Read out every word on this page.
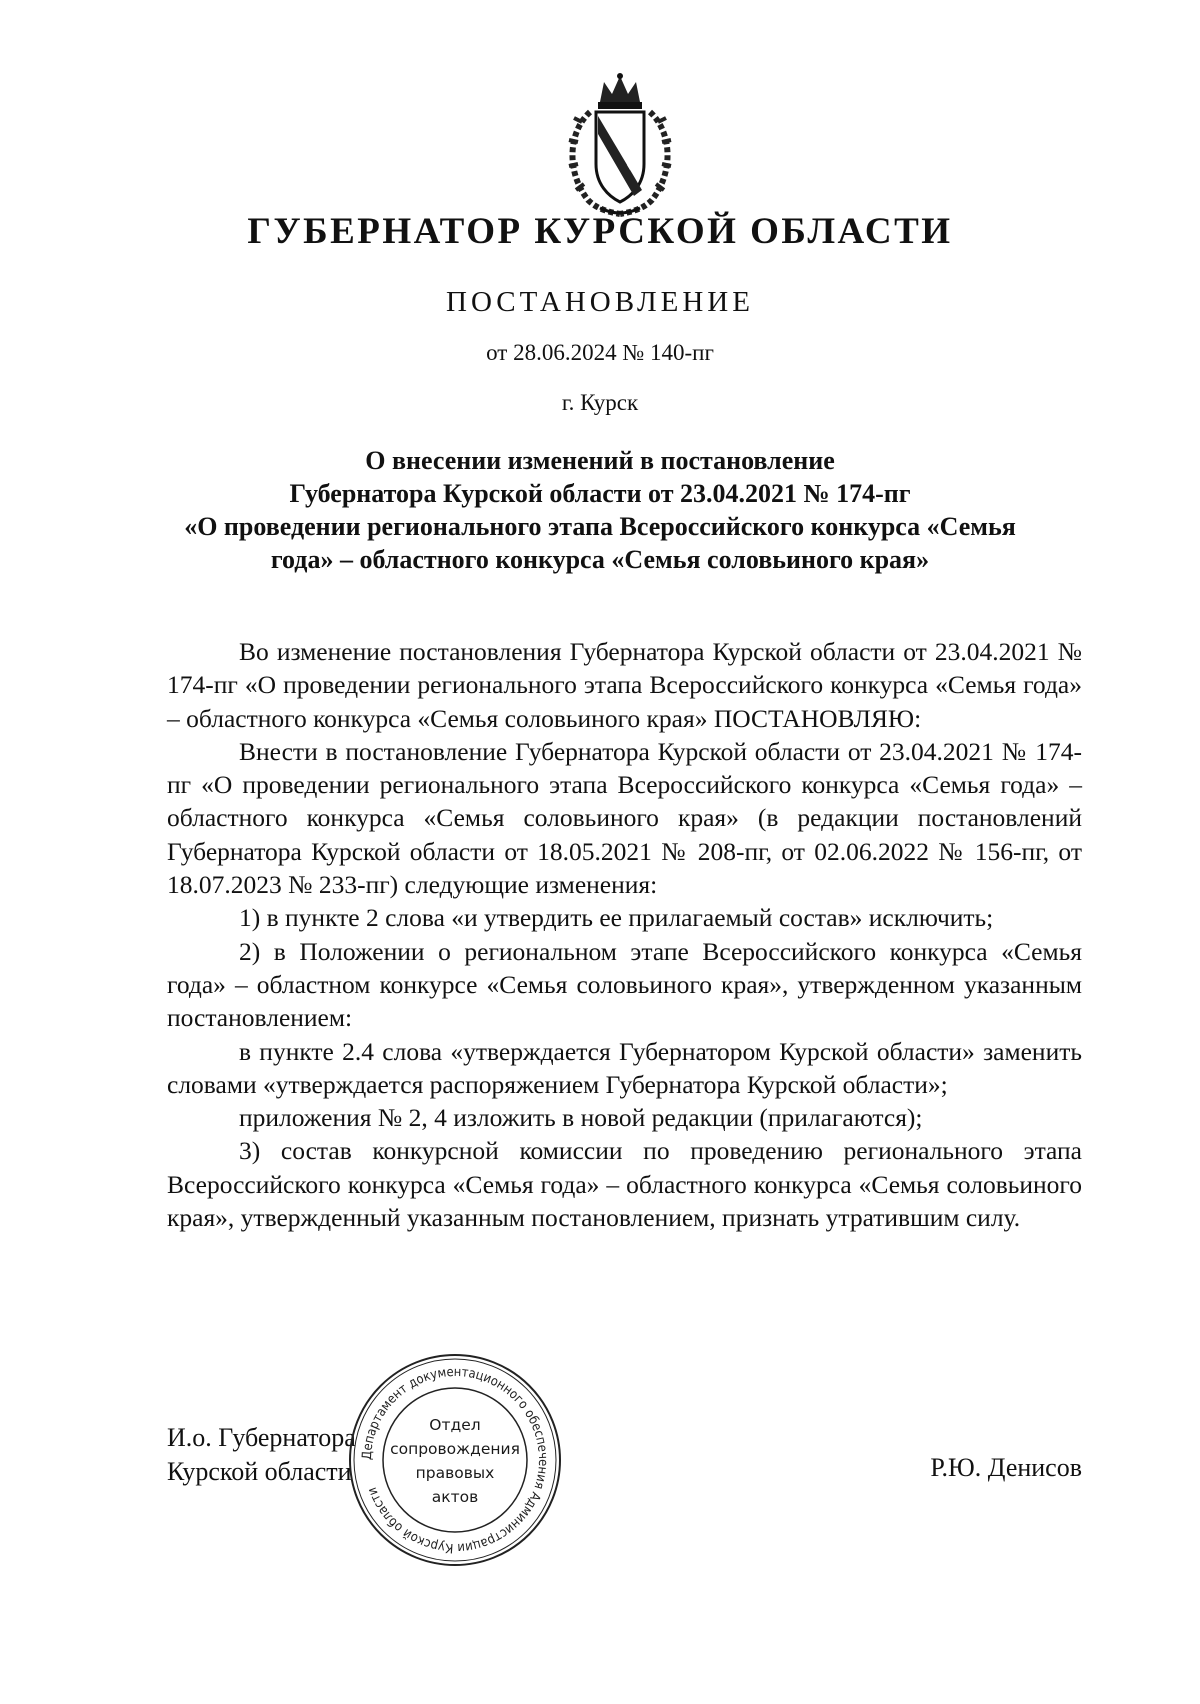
ГУБЕРНАТОР КУРСКОЙ ОБЛАСТИ
ПОСТАНОВЛЕНИЕ
от 28.06.2024 № 140-пг
г. Курск
О внесении изменений в постановление
Губернатора Курской области от 23.04.2021 № 174-пг
«О проведении регионального этапа Всероссийского конкурса «Семья
года» – областного конкурса «Семья соловьиного края»

Во изменение постановления Губернатора Курской области от 23.04.2021 № 174-пг «О проведении регионального этапа Всероссийского конкурса «Семья года» – областного конкурса «Семья соловьиного края» ПОСТАНОВЛЯЮ:

Внести в постановление Губернатора Курской области от 23.04.2021 № 174-пг «О проведении регионального этапа Всероссийского конкурса «Семья года» – областного конкурса «Семья соловьиного края» (в редакции постановлений Губернатора Курской области от 18.05.2021 № 208-пг, от 02.06.2022 № 156-пг, от 18.07.2023 № 233-пг) следующие изменения:

1) в пункте 2 слова «и утвердить ее прилагаемый состав» исключить;

2) в Положении о региональном этапе Всероссийского конкурса «Семья года» – областном конкурсе «Семья соловьиного края», утвержденном указанным постановлением:

в пункте 2.4 слова «утверждается Губернатором Курской области» заменить словами «утверждается распоряжением Губернатора Курской области»;

приложения № 2, 4 изложить в новой редакции (прилагаются);

3) состав конкурсной комиссии по проведению регионального этапа Всероссийского конкурса «Семья года» – областного конкурса «Семья соловьиного края», утвержденный указанным постановлением, признать утратившим силу.

И.о. Губернатора
Курской области	Р.Ю. Денисов
Департамент документационного обеспечения Администрации Курской области
Отдел
сопровождения
правовых
актов
